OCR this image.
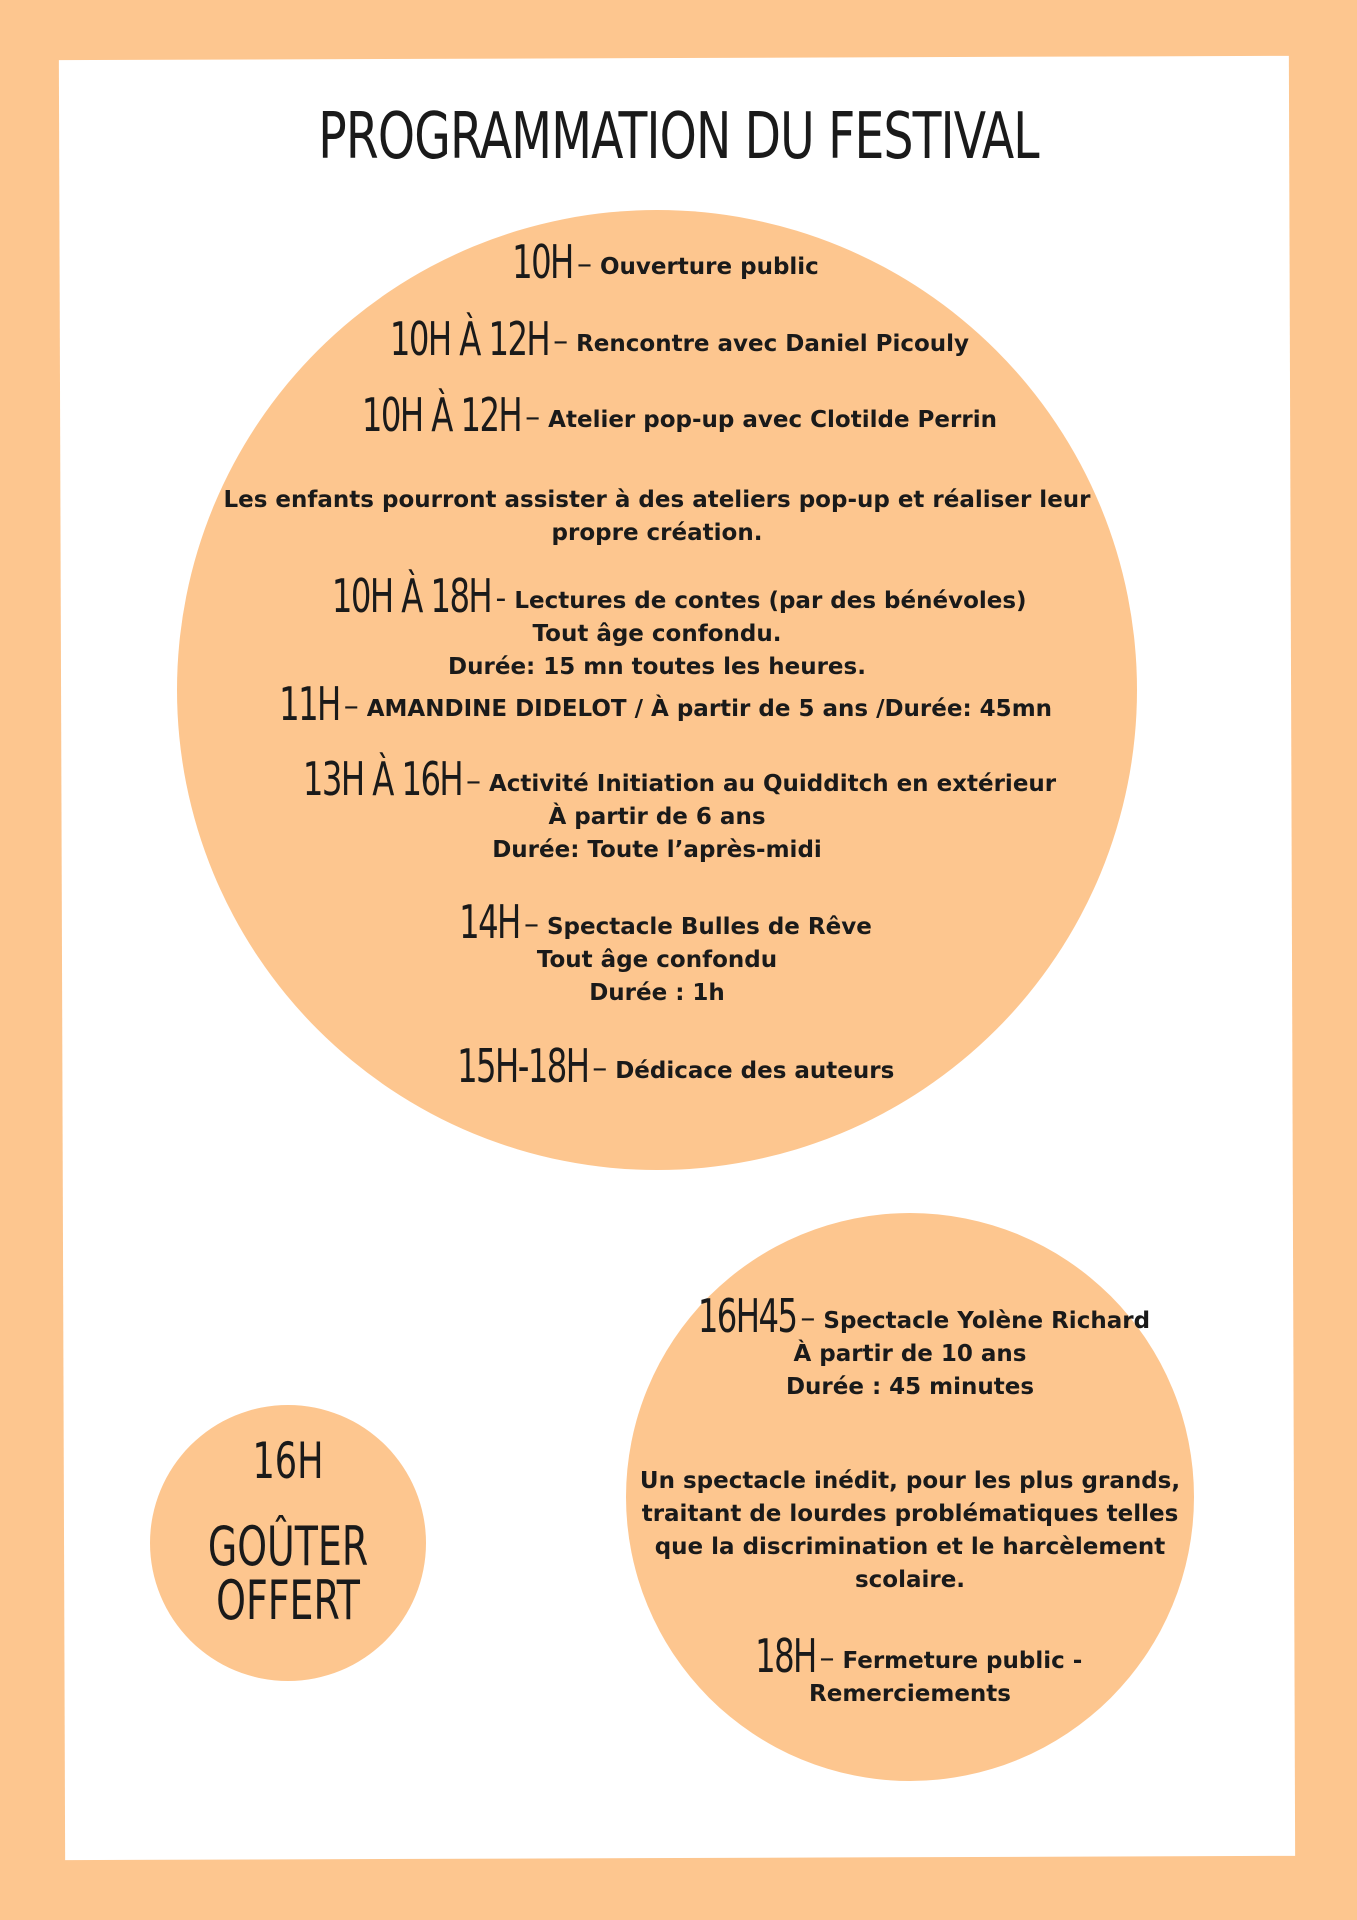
PROGRAMMATION DU FESTIVAL
10H – Ouverture public
10H À 12H – Rencontre avec Daniel Picouly
10H À 12H – Atelier pop-up avec Clotilde Perrin
Les enfants pourront assister à des ateliers pop-up et réaliser leur
propre création.
10H À 18H - Lectures de contes (par des bénévoles)
Tout âge confondu.
Durée: 15 mn toutes les heures.
11H – AMANDINE DIDELOT / À partir de 5 ans /Durée: 45mn
13H À 16H – Activité Initiation au Quidditch en extérieur
À partir de 6 ans
Durée: Toute l’après-midi
14H – Spectacle Bulles de Rêve
Tout âge confondu
Durée : 1h
15H-18H – Dédicace des auteurs
16H45 – Spectacle Yolène Richard
À partir de 10 ans
Durée : 45 minutes
Un spectacle inédit, pour les plus grands,
traitant de lourdes problématiques telles
que la discrimination et le harcèlement
scolaire.
18H – Fermeture public -
Remerciements
16H
GOÛTER
OFFERT
